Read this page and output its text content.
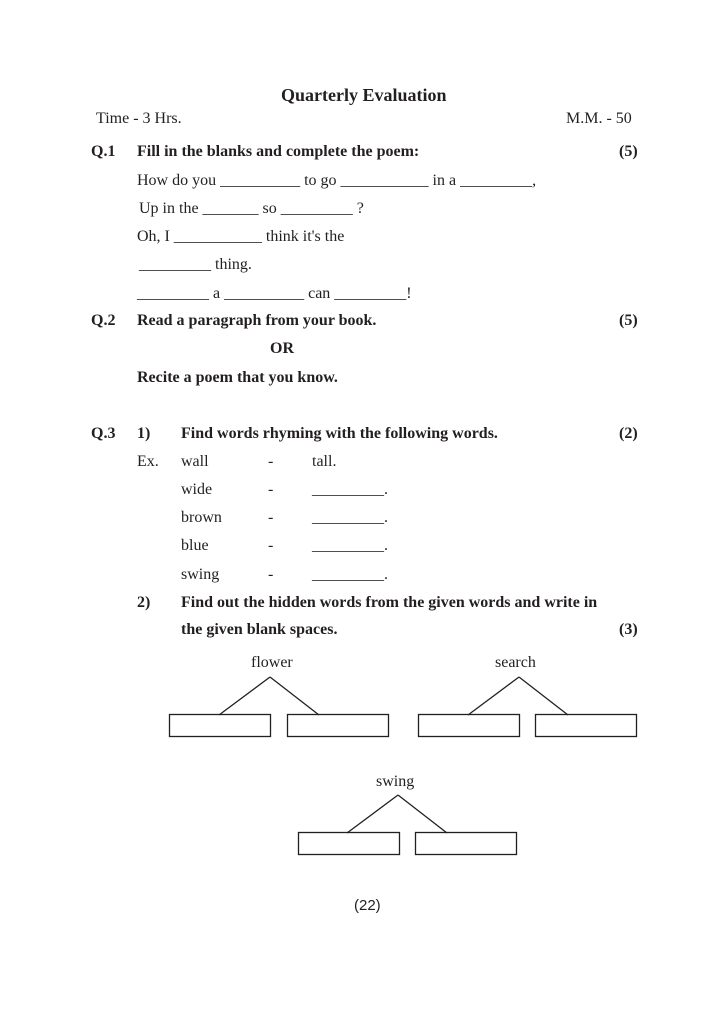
Quarterly Evaluation
Time - 3 Hrs.	M.M. - 50
Q.1 Fill in the blanks and complete the poem:	(5)
How do you __________ to go ___________ in a _________,
Up in the _______ so _________ ?
Oh, I ___________ think it's the
_________ thing.
_________ a __________ can _________!
Q.2 Read a paragraph from your book.	(5)
OR
Recite a poem that you know.
Q.3 1) Find words rhyming with the following words.	(2)
Ex. wall	- tall.
wide	- _________.
brown	- _________.
blue	- _________.
swing	- _________.
2) Find out the hidden words from the given words and write in
the given blank spaces.	(3)
flower	search
swing
(22)
